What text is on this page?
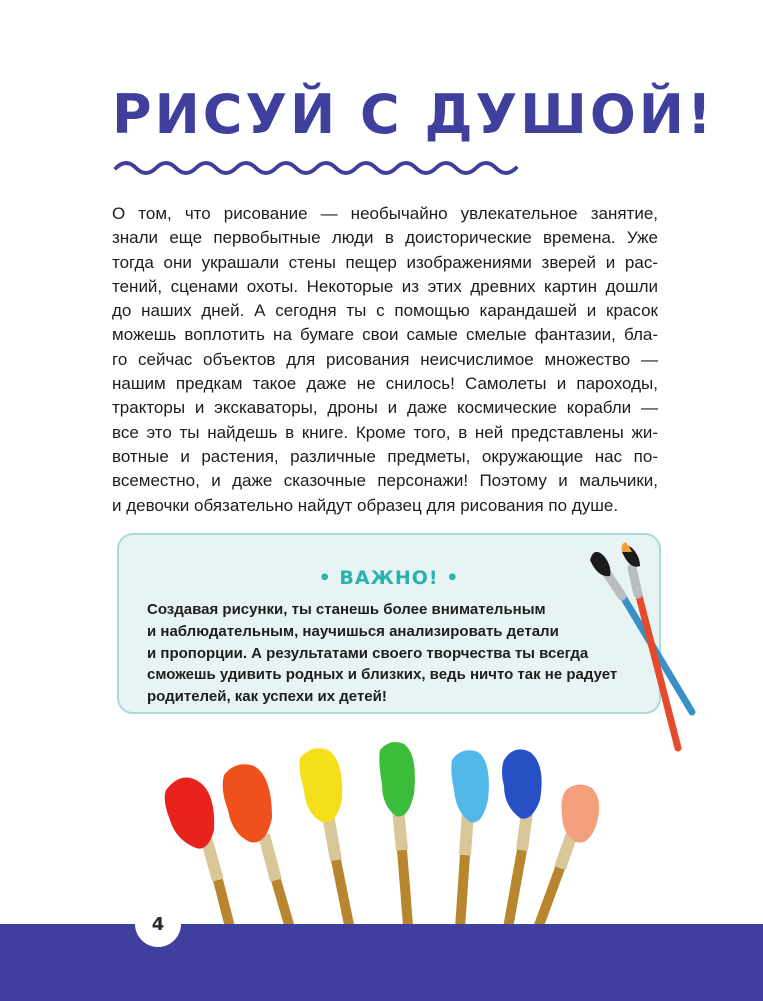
РИСУЙ С ДУШОЙ!
О том, что рисование — необычайно увлекательное занятие,
знали еще первобытные люди в доисторические времена. Уже
тогда они украшали стены пещер изображениями зверей и рас-
тений, сценами охоты. Некоторые из этих древних картин дошли
до наших дней. А сегодня ты с помощью карандашей и красок
можешь воплотить на бумаге свои самые смелые фантазии, бла-
го сейчас объектов для рисования неисчислимое множество —
нашим предкам такое даже не снилось! Самолеты и пароходы,
тракторы и экскаваторы, дроны и даже космические корабли —
все это ты найдешь в книге. Кроме того, в ней представлены жи-
вотные и растения, различные предметы, окружающие нас по-
всеместно, и даже сказочные персонажи! Поэтому и мальчики,
и девочки обязательно найдут образец для рисования по душе.
• ВАЖНО! •
Создавая рисунки, ты станешь более внимательным
и наблюдательным, научишься анализировать детали
и пропорции. А результатами своего творчества ты всегда
сможешь удивить родных и близких, ведь ничто так не радует
родителей, как успехи их детей!
4
